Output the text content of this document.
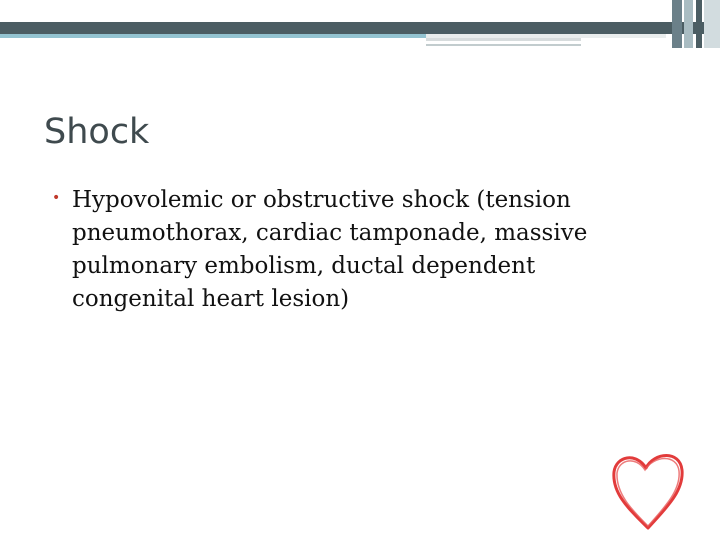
Shock
• Hypovolemic or obstructive shock (tension
pneumothorax, cardiac tamponade, massive
pulmonary embolism, ductal dependent
congenital heart lesion)
